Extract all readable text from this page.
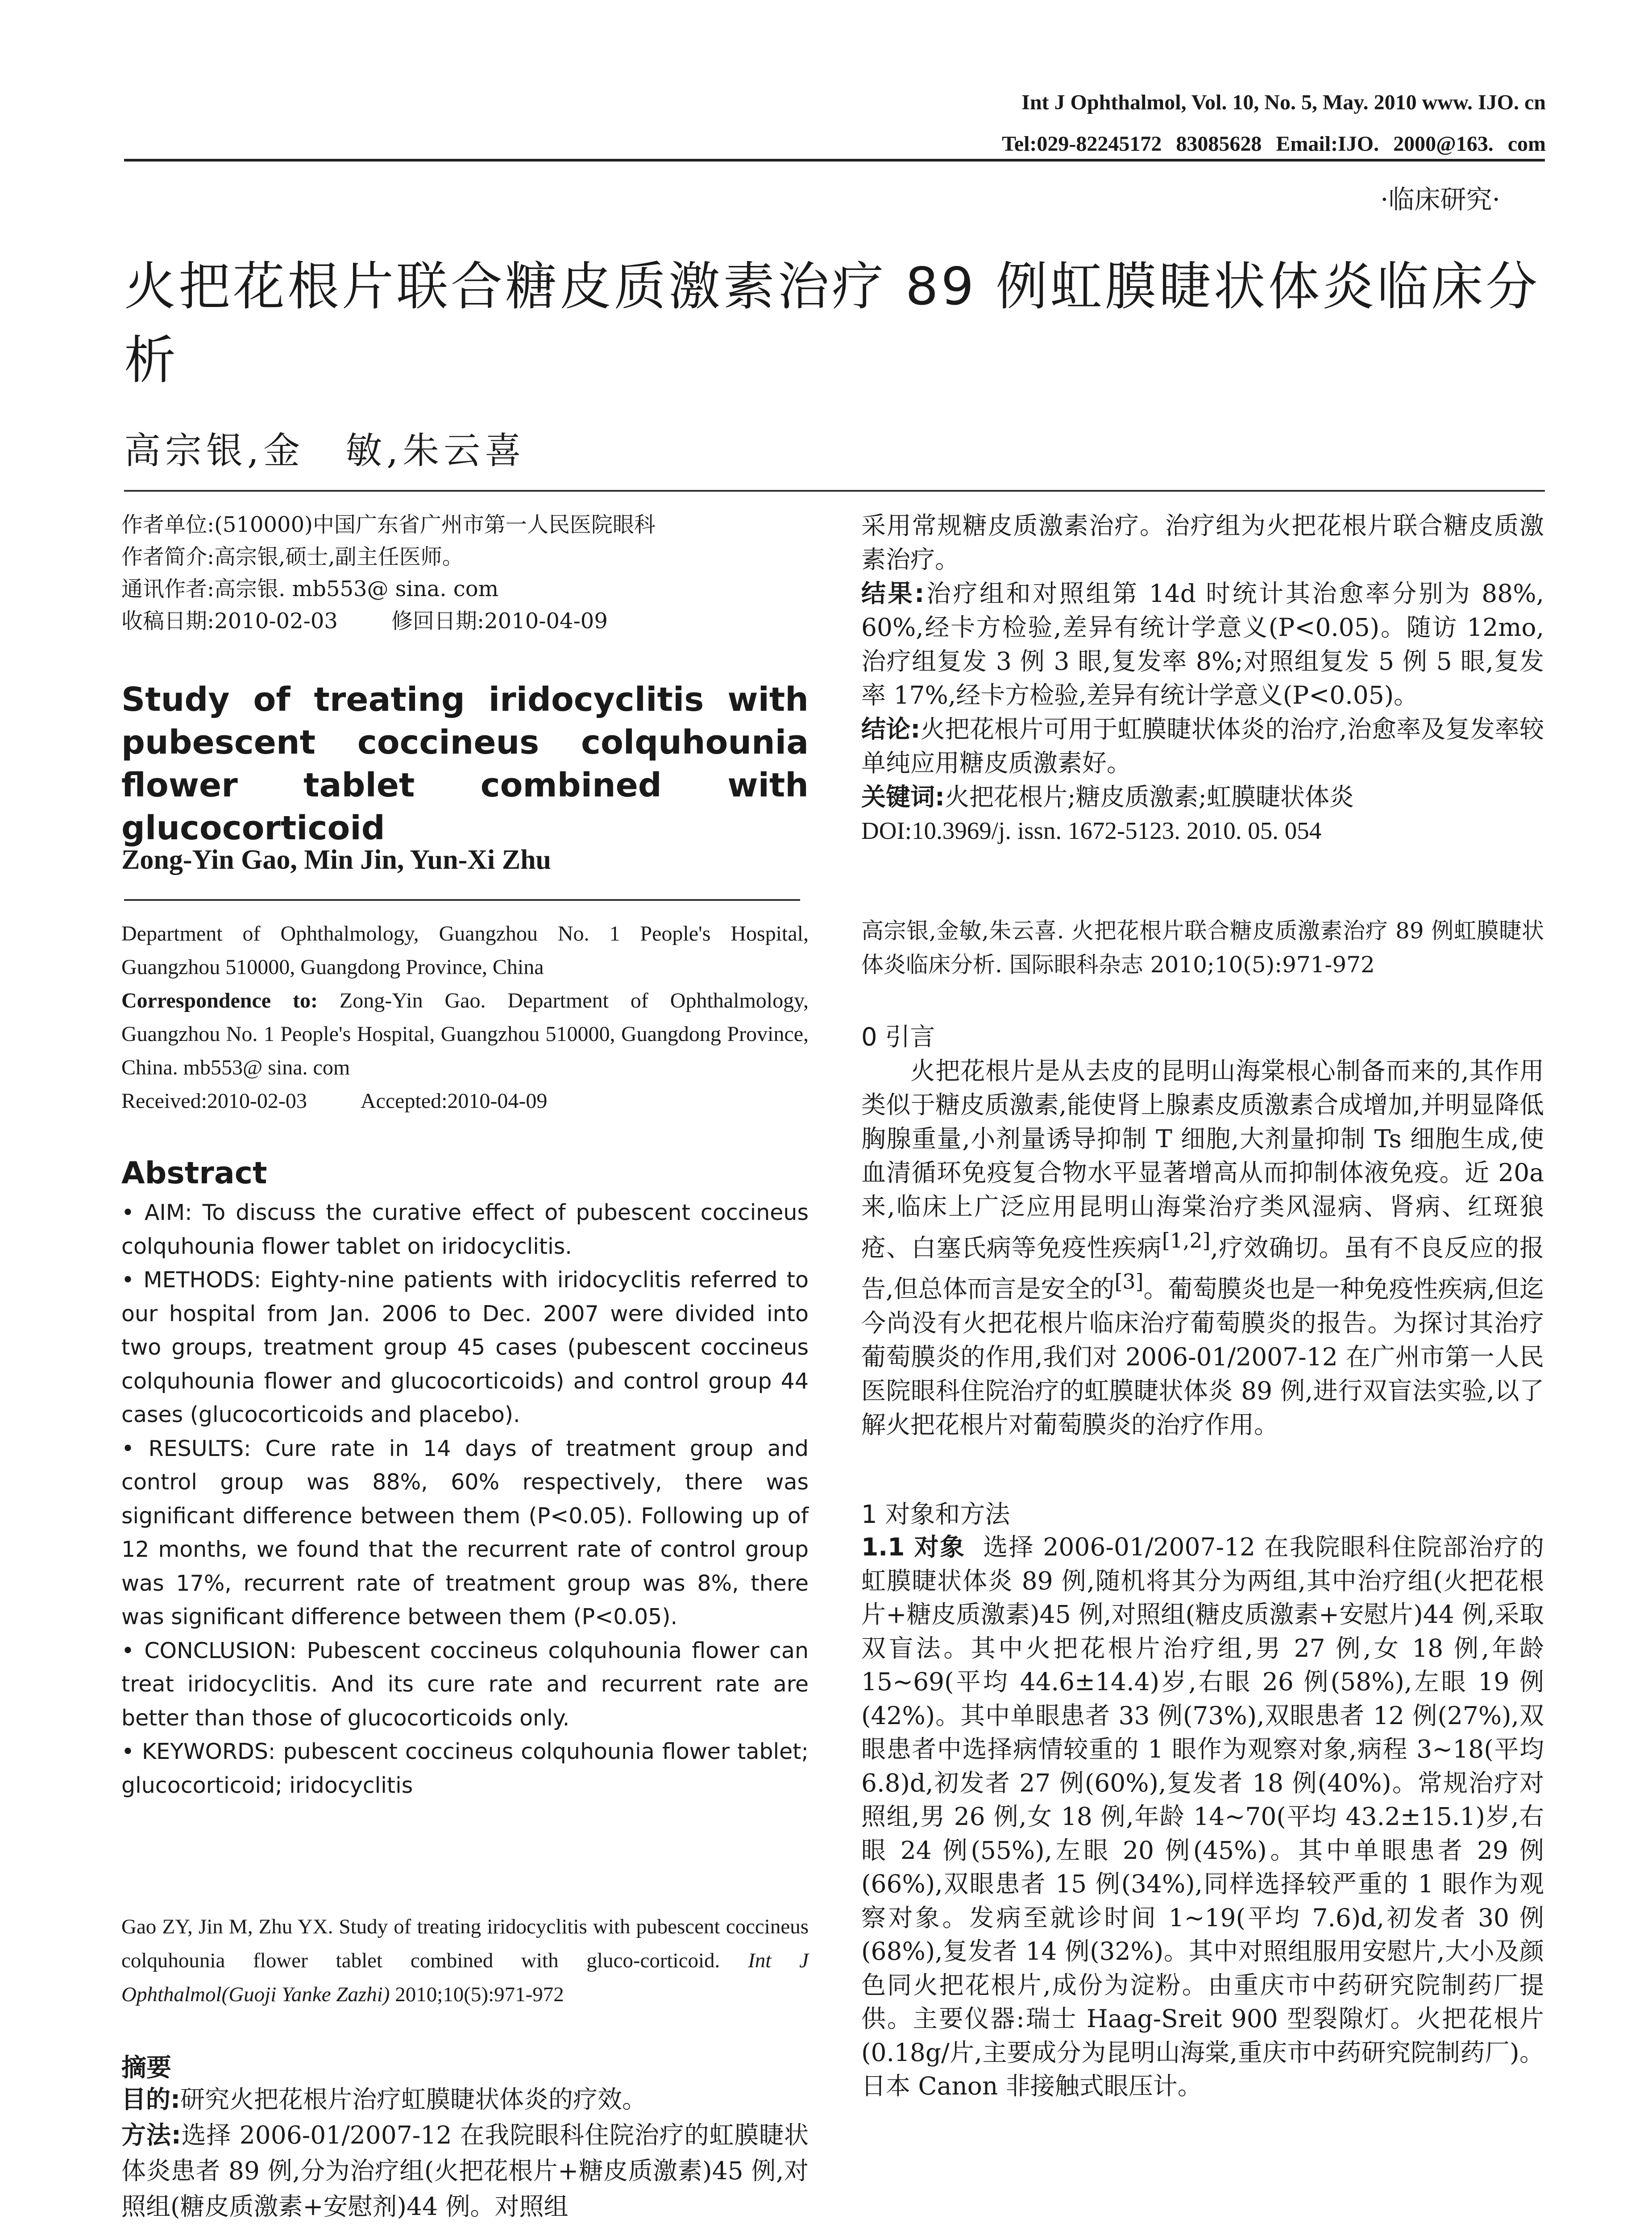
Int J Ophthalmol, Vol. 10, No. 5, May. 2010 www. IJO. cn
Tel:029-82245172 83085628 Email:IJO. 2000@163. com
·临床研究·
火把花根片联合糖皮质激素治疗 89 例虹膜睫状体炎临床分析
高宗银,金　敏,朱云喜
作者单位:(510000)中国广东省广州市第一人民医院眼科
作者简介:高宗银,硕士,副主任医师。
通讯作者:高宗银. mb553@ sina. com
收稿日期:2010-02-03	修回日期:2010-04-09
Study of treating iridocyclitis with pubescent coccineus colquhounia flower tablet combined with glucocorticoid
Zong-Yin Gao, Min Jin, Yun-Xi Zhu
Department of Ophthalmology, Guangzhou No. 1 People's Hospital, Guangzhou 510000, Guangdong Province, China
Correspondence to: Zong-Yin Gao. Department of Ophthalmology, Guangzhou No. 1 People's Hospital, Guangzhou 510000, Guangdong Province, China. mb553@ sina. com
Received:2010-02-03	Accepted:2010-04-09
Abstract

• AIM: To discuss the curative effect of pubescent coccineus colquhounia flower tablet on iridocyclitis.

• METHODS: Eighty-nine patients with iridocyclitis referred to our hospital from Jan. 2006 to Dec. 2007 were divided into two groups, treatment group 45 cases (pubescent coccineus colquhounia flower and glucocorticoids) and control group 44 cases (glucocorticoids and placebo).

• RESULTS: Cure rate in 14 days of treatment group and control group was 88%, 60% respectively, there was significant difference between them (P<0.05). Following up of 12 months, we found that the recurrent rate of control group was 17%, recurrent rate of treatment group was 8%, there was significant difference between them (P<0.05).

• CONCLUSION: Pubescent coccineus colquhounia flower can treat iridocyclitis. And its cure rate and recurrent rate are better than those of glucocorticoids only.

• KEYWORDS: pubescent coccineus colquhounia flower tablet; glucocorticoid; iridocyclitis

Gao ZY, Jin M, Zhu YX. Study of treating iridocyclitis with pubescent coccineus colquhounia flower tablet combined with gluco-corticoid. Int J Ophthalmol(Guoji Yanke Zazhi) 2010;10(5):971-972
摘要

目的:研究火把花根片治疗虹膜睫状体炎的疗效。

方法:选择 2006-01/2007-12 在我院眼科住院治疗的虹膜睫状体炎患者 89 例,分为治疗组(火把花根片+糖皮质激素)45 例,对照组(糖皮质激素+安慰剂)44 例。对照组

采用常规糖皮质激素治疗。治疗组为火把花根片联合糖皮质激素治疗。

结果:治疗组和对照组第 14d 时统计其治愈率分别为 88%, 60%,经卡方检验,差异有统计学意义(P<0.05)。随访 12mo,治疗组复发 3 例 3 眼,复发率 8%;对照组复发 5 例 5 眼,复发率 17%,经卡方检验,差异有统计学意义(P<0.05)。

结论:火把花根片可用于虹膜睫状体炎的治疗,治愈率及复发率较单纯应用糖皮质激素好。

关键词:火把花根片;糖皮质激素;虹膜睫状体炎

DOI:10.3969/j. issn. 1672-5123. 2010. 05. 054

高宗银,金敏,朱云喜. 火把花根片联合糖皮质激素治疗 89 例虹膜睫状体炎临床分析. 国际眼科杂志 2010;10(5):971-972
0 引言

火把花根片是从去皮的昆明山海棠根心制备而来的,其作用类似于糖皮质激素,能使肾上腺素皮质激素合成增加,并明显降低胸腺重量,小剂量诱导抑制 T 细胞,大剂量抑制 Ts 细胞生成,使血清循环免疫复合物水平显著增高从而抑制体液免疫。近 20a 来,临床上广泛应用昆明山海棠治疗类风湿病、肾病、红斑狼疮、白塞氏病等免疫性疾病[1,2],疗效确切。虽有不良反应的报告,但总体而言是安全的[3]。葡萄膜炎也是一种免疫性疾病,但迄今尚没有火把花根片临床治疗葡萄膜炎的报告。为探讨其治疗葡萄膜炎的作用,我们对 2006-01/2007-12 在广州市第一人民医院眼科住院治疗的虹膜睫状体炎 89 例,进行双盲法实验,以了解火把花根片对葡萄膜炎的治疗作用。

1 对象和方法

1.1 对象 选择 2006-01/2007-12 在我院眼科住院部治疗的虹膜睫状体炎 89 例,随机将其分为两组,其中治疗组(火把花根片+糖皮质激素)45 例,对照组(糖皮质激素+安慰片)44 例,采取双盲法。其中火把花根片治疗组,男 27 例,女 18 例,年龄 15~69(平均 44.6±14.4)岁,右眼 26 例(58%),左眼 19 例(42%)。其中单眼患者 33 例(73%),双眼患者 12 例(27%),双眼患者中选择病情较重的 1 眼作为观察对象,病程 3~18(平均 6.8)d,初发者 27 例(60%),复发者 18 例(40%)。常规治疗对照组,男 26 例,女 18 例,年龄 14~70(平均 43.2±15.1)岁,右眼 24 例(55%),左眼 20 例(45%)。其中单眼患者 29 例(66%),双眼患者 15 例(34%),同样选择较严重的 1 眼作为观察对象。发病至就诊时间 1~19(平均 7.6)d,初发者 30 例(68%),复发者 14 例(32%)。其中对照组服用安慰片,大小及颜色同火把花根片,成份为淀粉。由重庆市中药研究院制药厂提供。主要仪器:瑞士 Haag-Sreit 900 型裂隙灯。火把花根片(0.18g/片,主要成分为昆明山海棠,重庆市中药研究院制药厂)。日本 Canon 非接触式眼压计。
